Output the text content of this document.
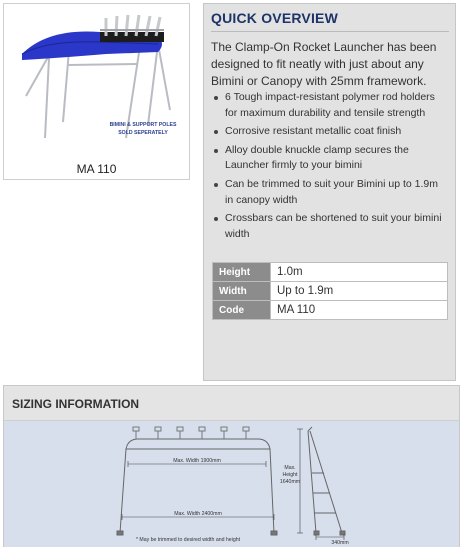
BIMINI & SUPPORT POLES
SOLD SEPERATELY
MA 110
QUICK OVERVIEW
The Clamp-On Rocket Launcher has been designed to fit neatly with just about any Bimini or Canopy with 25mm framework.
6 Tough impact-resistant polymer rod holders for maximum durability and tensile strength
Corrosive resistant metallic coat finish
Alloy double knuckle clamp secures the Launcher firmly to your bimini
Can be trimmed to suit your Bimini up to 1.9m in canopy width
Crossbars can be shortened to suit your bimini width
Height	1.0m
Width	Up to 1.9m
Code	MA 110
SIZING INFORMATION
Max. Width 1900mm
Max. Width 2400mm
* May be trimmed to desired width and height
Max.
Height
1640mm
340mm
